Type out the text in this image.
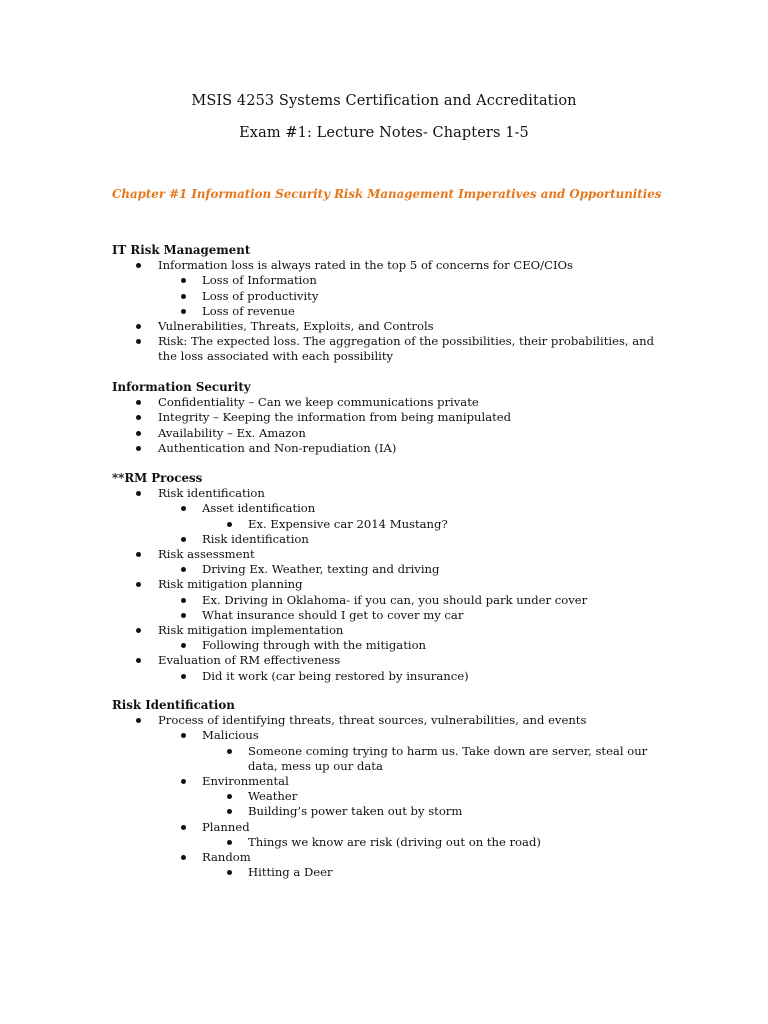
MSIS 4253 Systems Certification and Accreditation
Exam #1: Lecture Notes- Chapters 1-5
Chapter #1 Information Security Risk Management Imperatives and Opportunities
IT Risk Management
Information loss is always rated in the top 5 of concerns for CEO/CIOs
Loss of Information
Loss of productivity
Loss of revenue
Vulnerabilities, Threats, Exploits, and Controls
Risk: The expected loss. The aggregation of the possibilities, their probabilities, and the loss associated with each possibility
Information Security
Confidentiality – Can we keep communications private
Integrity – Keeping the information from being manipulated
Availability – Ex. Amazon
Authentication and Non-repudiation (IA)
**RM Process
Risk identification
Asset identification
Ex. Expensive car 2014 Mustang?
Risk identification
Risk assessment
Driving Ex. Weather, texting and driving
Risk mitigation planning
Ex. Driving in Oklahoma- if you can, you should park under cover
What insurance should I get to cover my car
Risk mitigation implementation
Following through with the mitigation
Evaluation of RM effectiveness
Did it work (car being restored by insurance)
Risk Identification
Process of identifying threats, threat sources, vulnerabilities, and events
Malicious
Someone coming trying to harm us. Take down are server, steal our data, mess up our data
Environmental
Weather
Building’s power taken out by storm
Planned
Things we know are risk (driving out on the road)
Random
Hitting a Deer
